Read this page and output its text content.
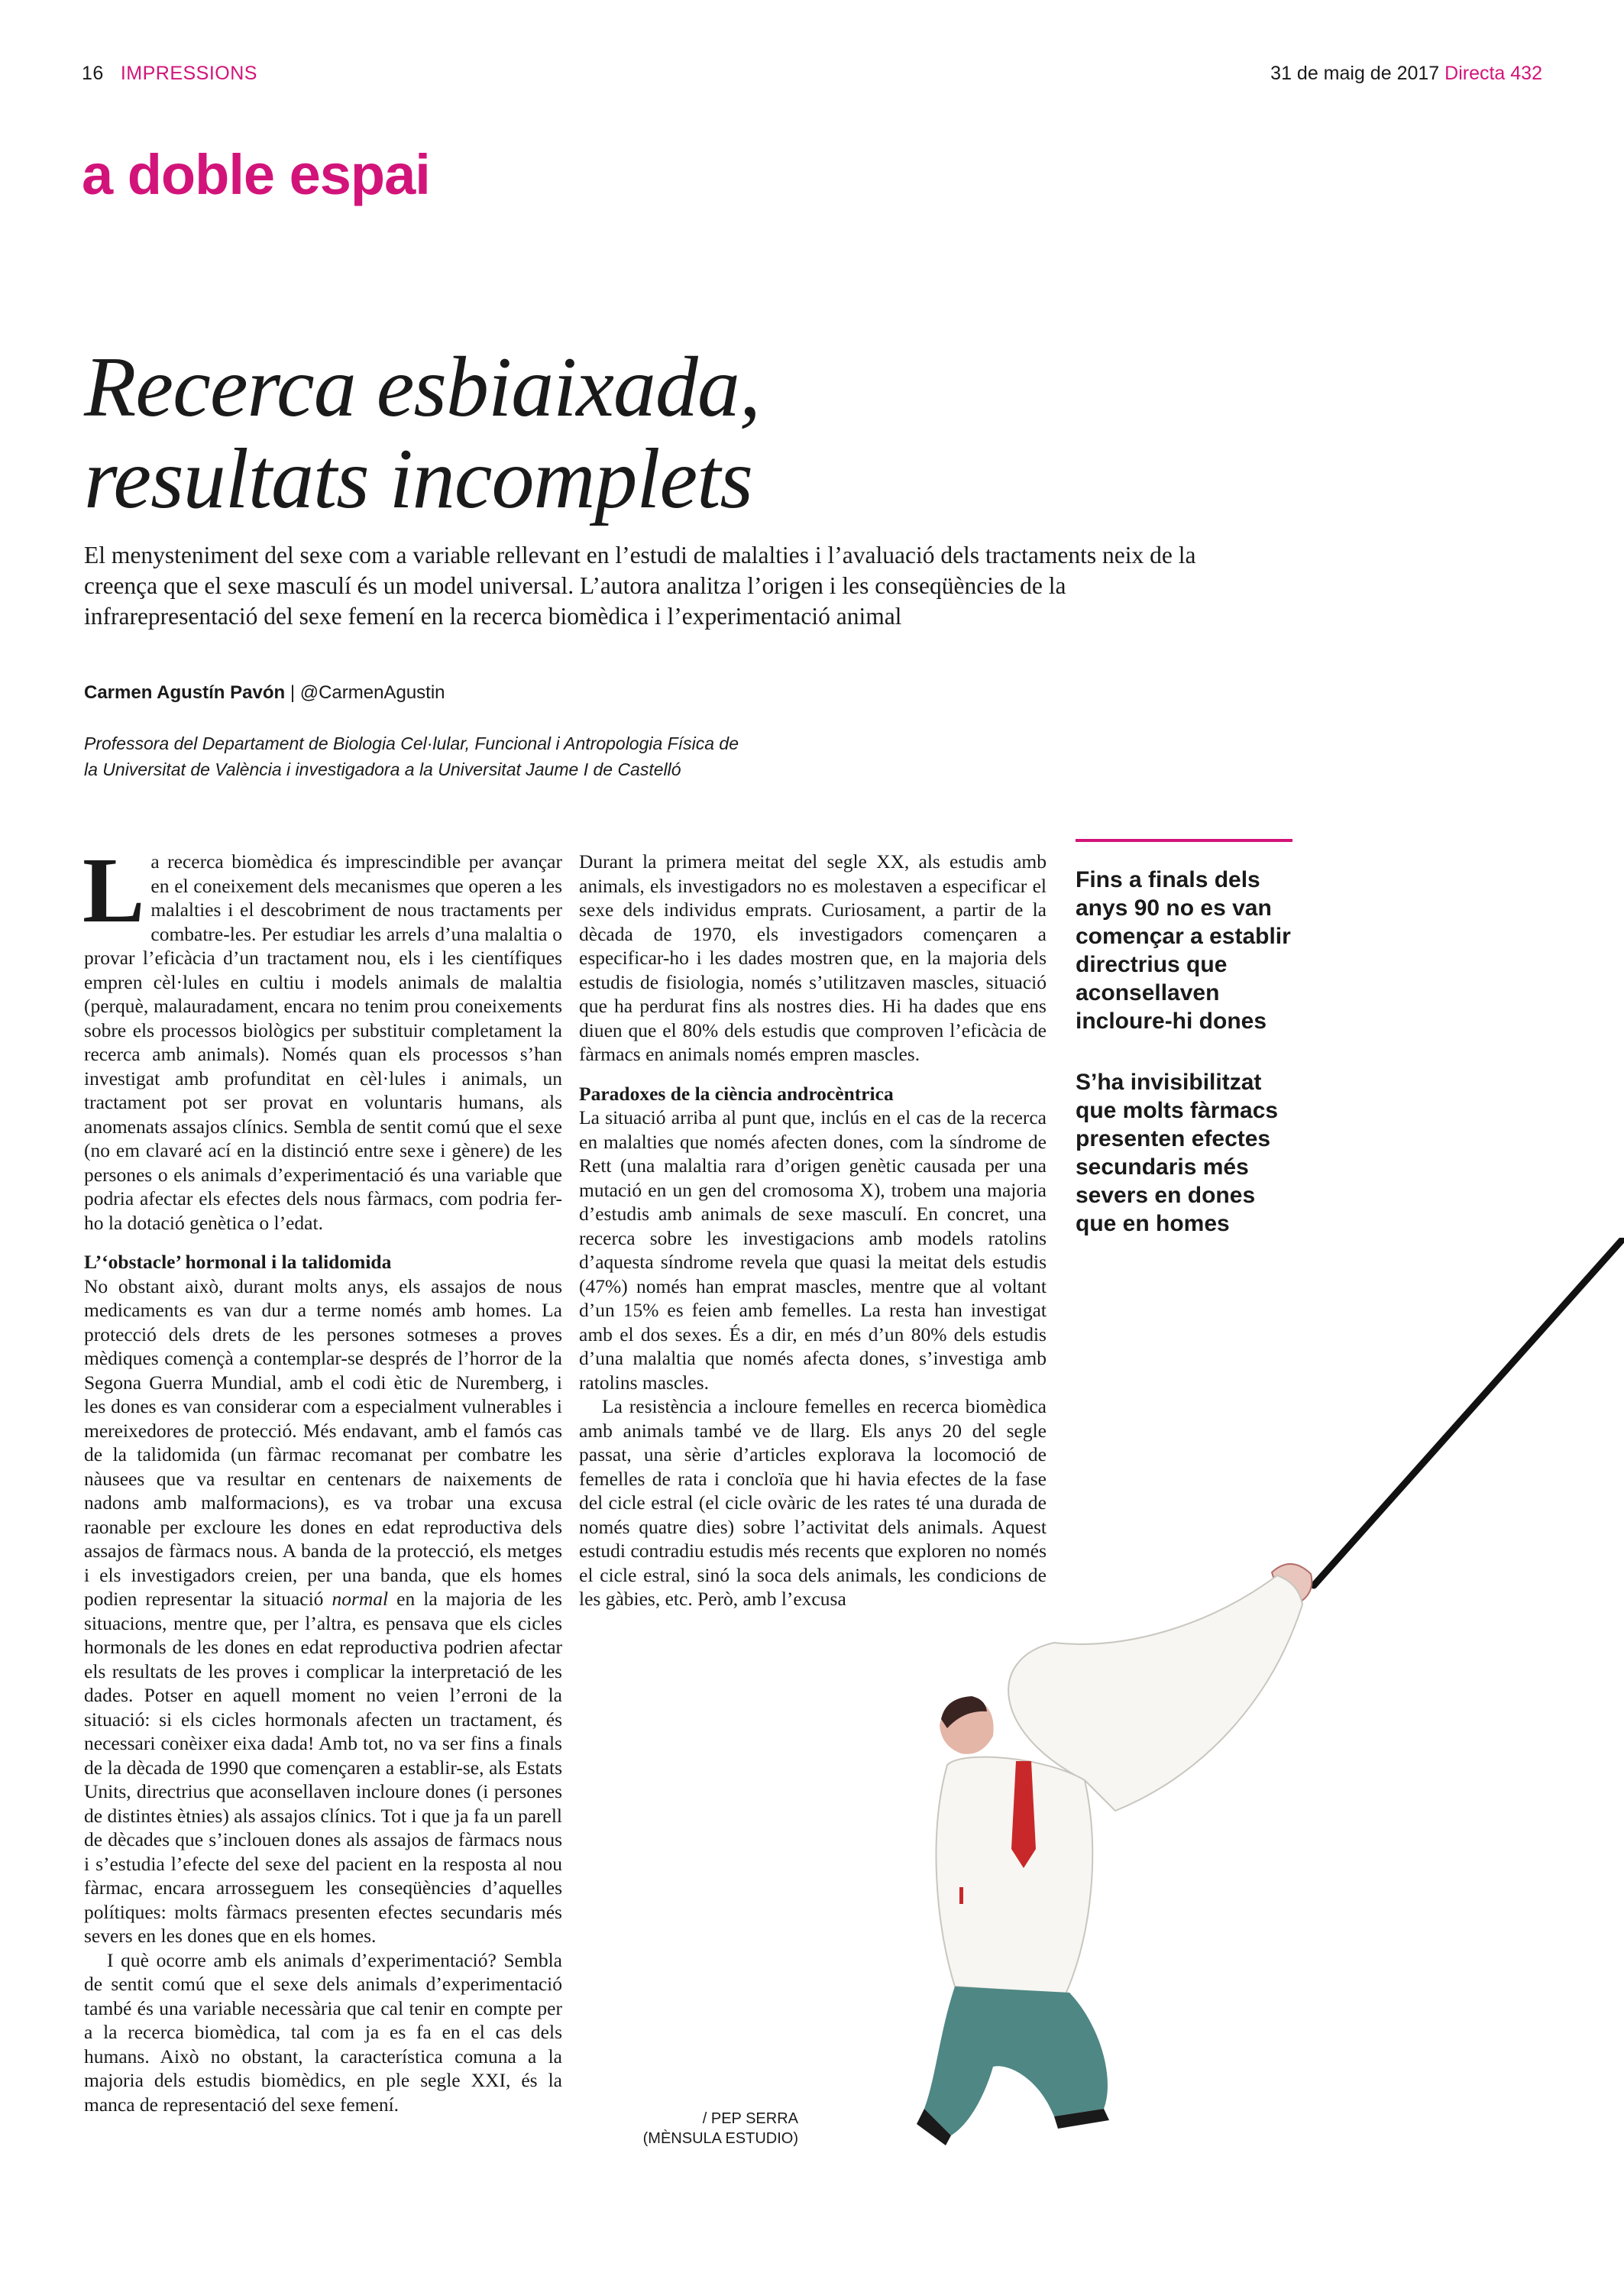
16 IMPRESSIONS	31 de maig de 2017 Directa 432
a doble espai
Recerca esbiaixada,
resultats incomplets

El menysteniment del sexe com a variable rellevant en l’estudi de malalties i l’avaluació dels tractaments neix de la creença que el sexe masculí és un model universal. L’autora analitza l’origen i les conseqüències de la infrarepresentació del sexe femení en la recerca biomèdica i l’experimentació animal

Carmen Agustín Pavón | @CarmenAgustin
Professora del Departament de Biologia Cel·lular, Funcional i Antropologia Física de la Universitat de València i investigadora a la Universitat Jaume I de Castelló

La recerca biomèdica és imprescindible per avançar en el coneixement dels mecanismes que operen a les malalties i el descobriment de nous tractaments per combatre-les. Per estudiar les arrels d’una malaltia o provar l’eficàcia d’un tractament nou, els i les científiques empren cèl·lules en cultiu i models animals de malaltia (perquè, malauradament, encara no tenim prou coneixements sobre els processos biològics per substituir completament la recerca amb animals). Només quan els processos s’han investigat amb profunditat en cèl·lules i animals, un tractament pot ser provat en voluntaris humans, als anomenats assajos clínics. Sembla de sentit comú que el sexe (no em clavaré ací en la distinció entre sexe i gènere) de les persones o els animals d’experimentació és una variable que podria afectar els efectes dels nous fàrmacs, com podria fer-ho la dotació genètica o l’edat.

L’‘obstacle’ hormonal i la talidomida

No obstant això, durant molts anys, els assajos de nous medicaments es van dur a terme només amb homes. La protecció dels drets de les persones sotmeses a proves mèdiques començà a contemplar-se després de l’horror de la Segona Guerra Mundial, amb el codi ètic de Nuremberg, i les dones es van considerar com a especialment vulnerables i mereixedores de protecció. Més endavant, amb el famós cas de la talidomida (un fàrmac recomanat per combatre les nàusees que va resultar en centenars de naixements de nadons amb malformacions), es va trobar una excusa raonable per excloure les dones en edat reproductiva dels assajos de fàrmacs nous. A banda de la protecció, els metges i els investigadors creien, per una banda, que els homes podien representar la situació normal en la majoria de les situacions, mentre que, per l’altra, es pensava que els cicles hormonals de les dones en edat reproductiva podrien afectar els resultats de les proves i complicar la interpretació de les dades. Potser en aquell moment no veien l’erroni de la situació: si els cicles hormonals afecten un tractament, és necessari conèixer eixa dada! Amb tot, no va ser fins a finals de la dècada de 1990 que començaren a establir-se, als Estats Units, directrius que aconsellaven incloure dones (i persones de distintes ètnies) als assajos clínics. Tot i que ja fa un parell de dècades que s’inclouen dones als assajos de fàrmacs nous i s’estudia l’efecte del sexe del pacient en la resposta al nou fàrmac, encara arrosseguem les conseqüències d’aquelles polítiques: molts fàrmacs presenten efectes secundaris més severs en les dones que en els homes.

I què ocorre amb els animals d’experimentació? Sembla de sentit comú que el sexe dels animals d’experimentació també és una variable necessària que cal tenir en compte per a la recerca biomèdica, tal com ja es fa en el cas dels humans. Això no obstant, la característica comuna a la majoria dels estudis biomèdics, en ple segle XXI, és la manca de representació del sexe femení.

Durant la primera meitat del segle XX, als estudis amb animals, els investigadors no es molestaven a especificar el sexe dels individus emprats. Curiosament, a partir de la dècada de 1970, els investigadors començaren a especificar-ho i les dades mostren que, en la majoria dels estudis de fisiologia, només s’utilitzaven mascles, situació que ha perdurat fins als nostres dies. Hi ha dades que ens diuen que el 80% dels estudis que comproven l’eficàcia de fàrmacs en animals només empren mascles.

Paradoxes de la ciència androcèntrica

La situació arriba al punt que, inclús en el cas de la recerca en malalties que només afecten dones, com la síndrome de Rett (una malaltia rara d’origen genètic causada per una mutació en un gen del cromosoma X), trobem una majoria d’estudis amb animals de sexe masculí. En concret, una recerca sobre les investigacions amb models ratolins d’aquesta síndrome revela que quasi la meitat dels estudis (47%) només han emprat mascles, mentre que al voltant d’un 15% es feien amb femelles. La resta han investigat amb el dos sexes. És a dir, en més d’un 80% dels estudis d’una malaltia que només afecta dones, s’investiga amb ratolins mascles.

La resistència a incloure femelles en recerca biomèdica amb animals també ve de llarg. Els anys 20 del segle passat, una sèrie d’articles explorava la locomoció de femelles de rata i concloïa que hi havia efectes de la fase del cicle estral (el cicle ovàric de les rates té una durada de només quatre dies) sobre l’activitat dels animals. Aquest estudi contradiu estudis més recents que exploren no només el cicle estral, sinó la soca dels animals, les condicions de les gàbies, etc. Però, amb l’excusa

Fins a finals dels anys 90 no es van començar a establir directrius que aconsellaven incloure-hi dones

S’ha invisibilitzat que molts fàrmacs presenten efectes secundaris més severs en dones que en homes

/ PEP SERRA
(MÈNSULA ESTUDIO)
